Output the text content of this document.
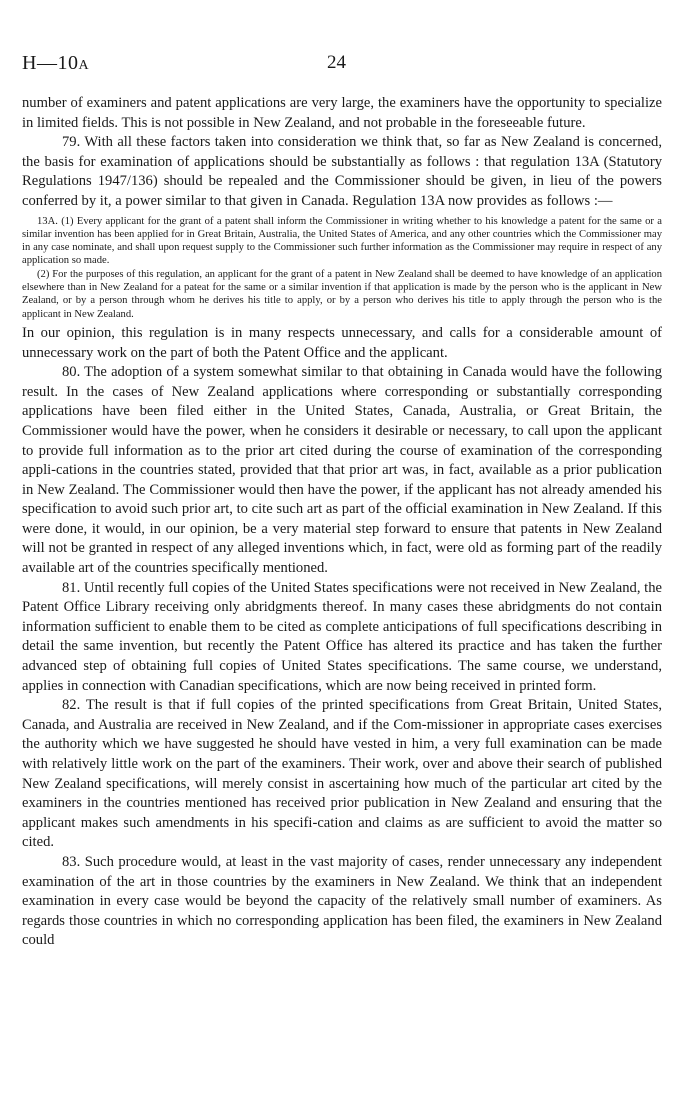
H—10A	24

number of examiners and patent applications are very large, the examiners have the opportunity to specialize in limited fields. This is not possible in New Zealand, and not probable in the foreseeable future.

79. With all these factors taken into consideration we think that, so far as New Zealand is concerned, the basis for examination of applications should be substantially as follows : that regulation 13A (Statutory Regulations 1947/136) should be repealed and the Commissioner should be given, in lieu of the powers conferred by it, a power similar to that given in Canada. Regulation 13A now provides as follows :—

13A. (1) Every applicant for the grant of a patent shall inform the Commissioner in writing whether to his knowledge a patent for the same or a similar invention has been applied for in Great Britain, Australia, the United States of America, and any other countries which the Commissioner may in any case nominate, and shall upon request supply to the Commissioner such further information as the Commissioner may require in respect of any application so made.

(2) For the purposes of this regulation, an applicant for the grant of a patent in New Zealand shall be deemed to have knowledge of an application elsewhere than in New Zealand for a pateat for the same or a similar invention if that application is made by the person who is the applicant in New Zealand, or by a person through whom he derives his title to apply, or by a person who derives his title to apply through the person who is the applicant in New Zealand.

In our opinion, this regulation is in many respects unnecessary, and calls for a considerable amount of unnecessary work on the part of both the Patent Office and the applicant.

80. The adoption of a system somewhat similar to that obtaining in Canada would have the following result. In the cases of New Zealand applications where corresponding or substantially corresponding applications have been filed either in the United States, Canada, Australia, or Great Britain, the Commissioner would have the power, when he considers it desirable or necessary, to call upon the applicant to provide full information as to the prior art cited during the course of examination of the corresponding appli-cations in the countries stated, provided that that prior art was, in fact, available as a prior publication in New Zealand. The Commissioner would then have the power, if the applicant has not already amended his specification to avoid such prior art, to cite such art as part of the official examination in New Zealand. If this were done, it would, in our opinion, be a very material step forward to ensure that patents in New Zealand will not be granted in respect of any alleged inventions which, in fact, were old as forming part of the readily available art of the countries specifically mentioned.

81. Until recently full copies of the United States specifications were not received in New Zealand, the Patent Office Library receiving only abridgments thereof. In many cases these abridgments do not contain information sufficient to enable them to be cited as complete anticipations of full specifications describing in detail the same invention, but recently the Patent Office has altered its practice and has taken the further advanced step of obtaining full copies of United States specifications. The same course, we understand, applies in connection with Canadian specifications, which are now being received in printed form.

82. The result is that if full copies of the printed specifications from Great Britain, United States, Canada, and Australia are received in New Zealand, and if the Com-missioner in appropriate cases exercises the authority which we have suggested he should have vested in him, a very full examination can be made with relatively little work on the part of the examiners. Their work, over and above their search of published New Zealand specifications, will merely consist in ascertaining how much of the particular art cited by the examiners in the countries mentioned has received prior publication in New Zealand and ensuring that the applicant makes such amendments in his specifi-cation and claims as are sufficient to avoid the matter so cited.

83. Such procedure would, at least in the vast majority of cases, render unnecessary any independent examination of the art in those countries by the examiners in New Zealand. We think that an independent examination in every case would be beyond the capacity of the relatively small number of examiners. As regards those countries in which no corresponding application has been filed, the examiners in New Zealand could
